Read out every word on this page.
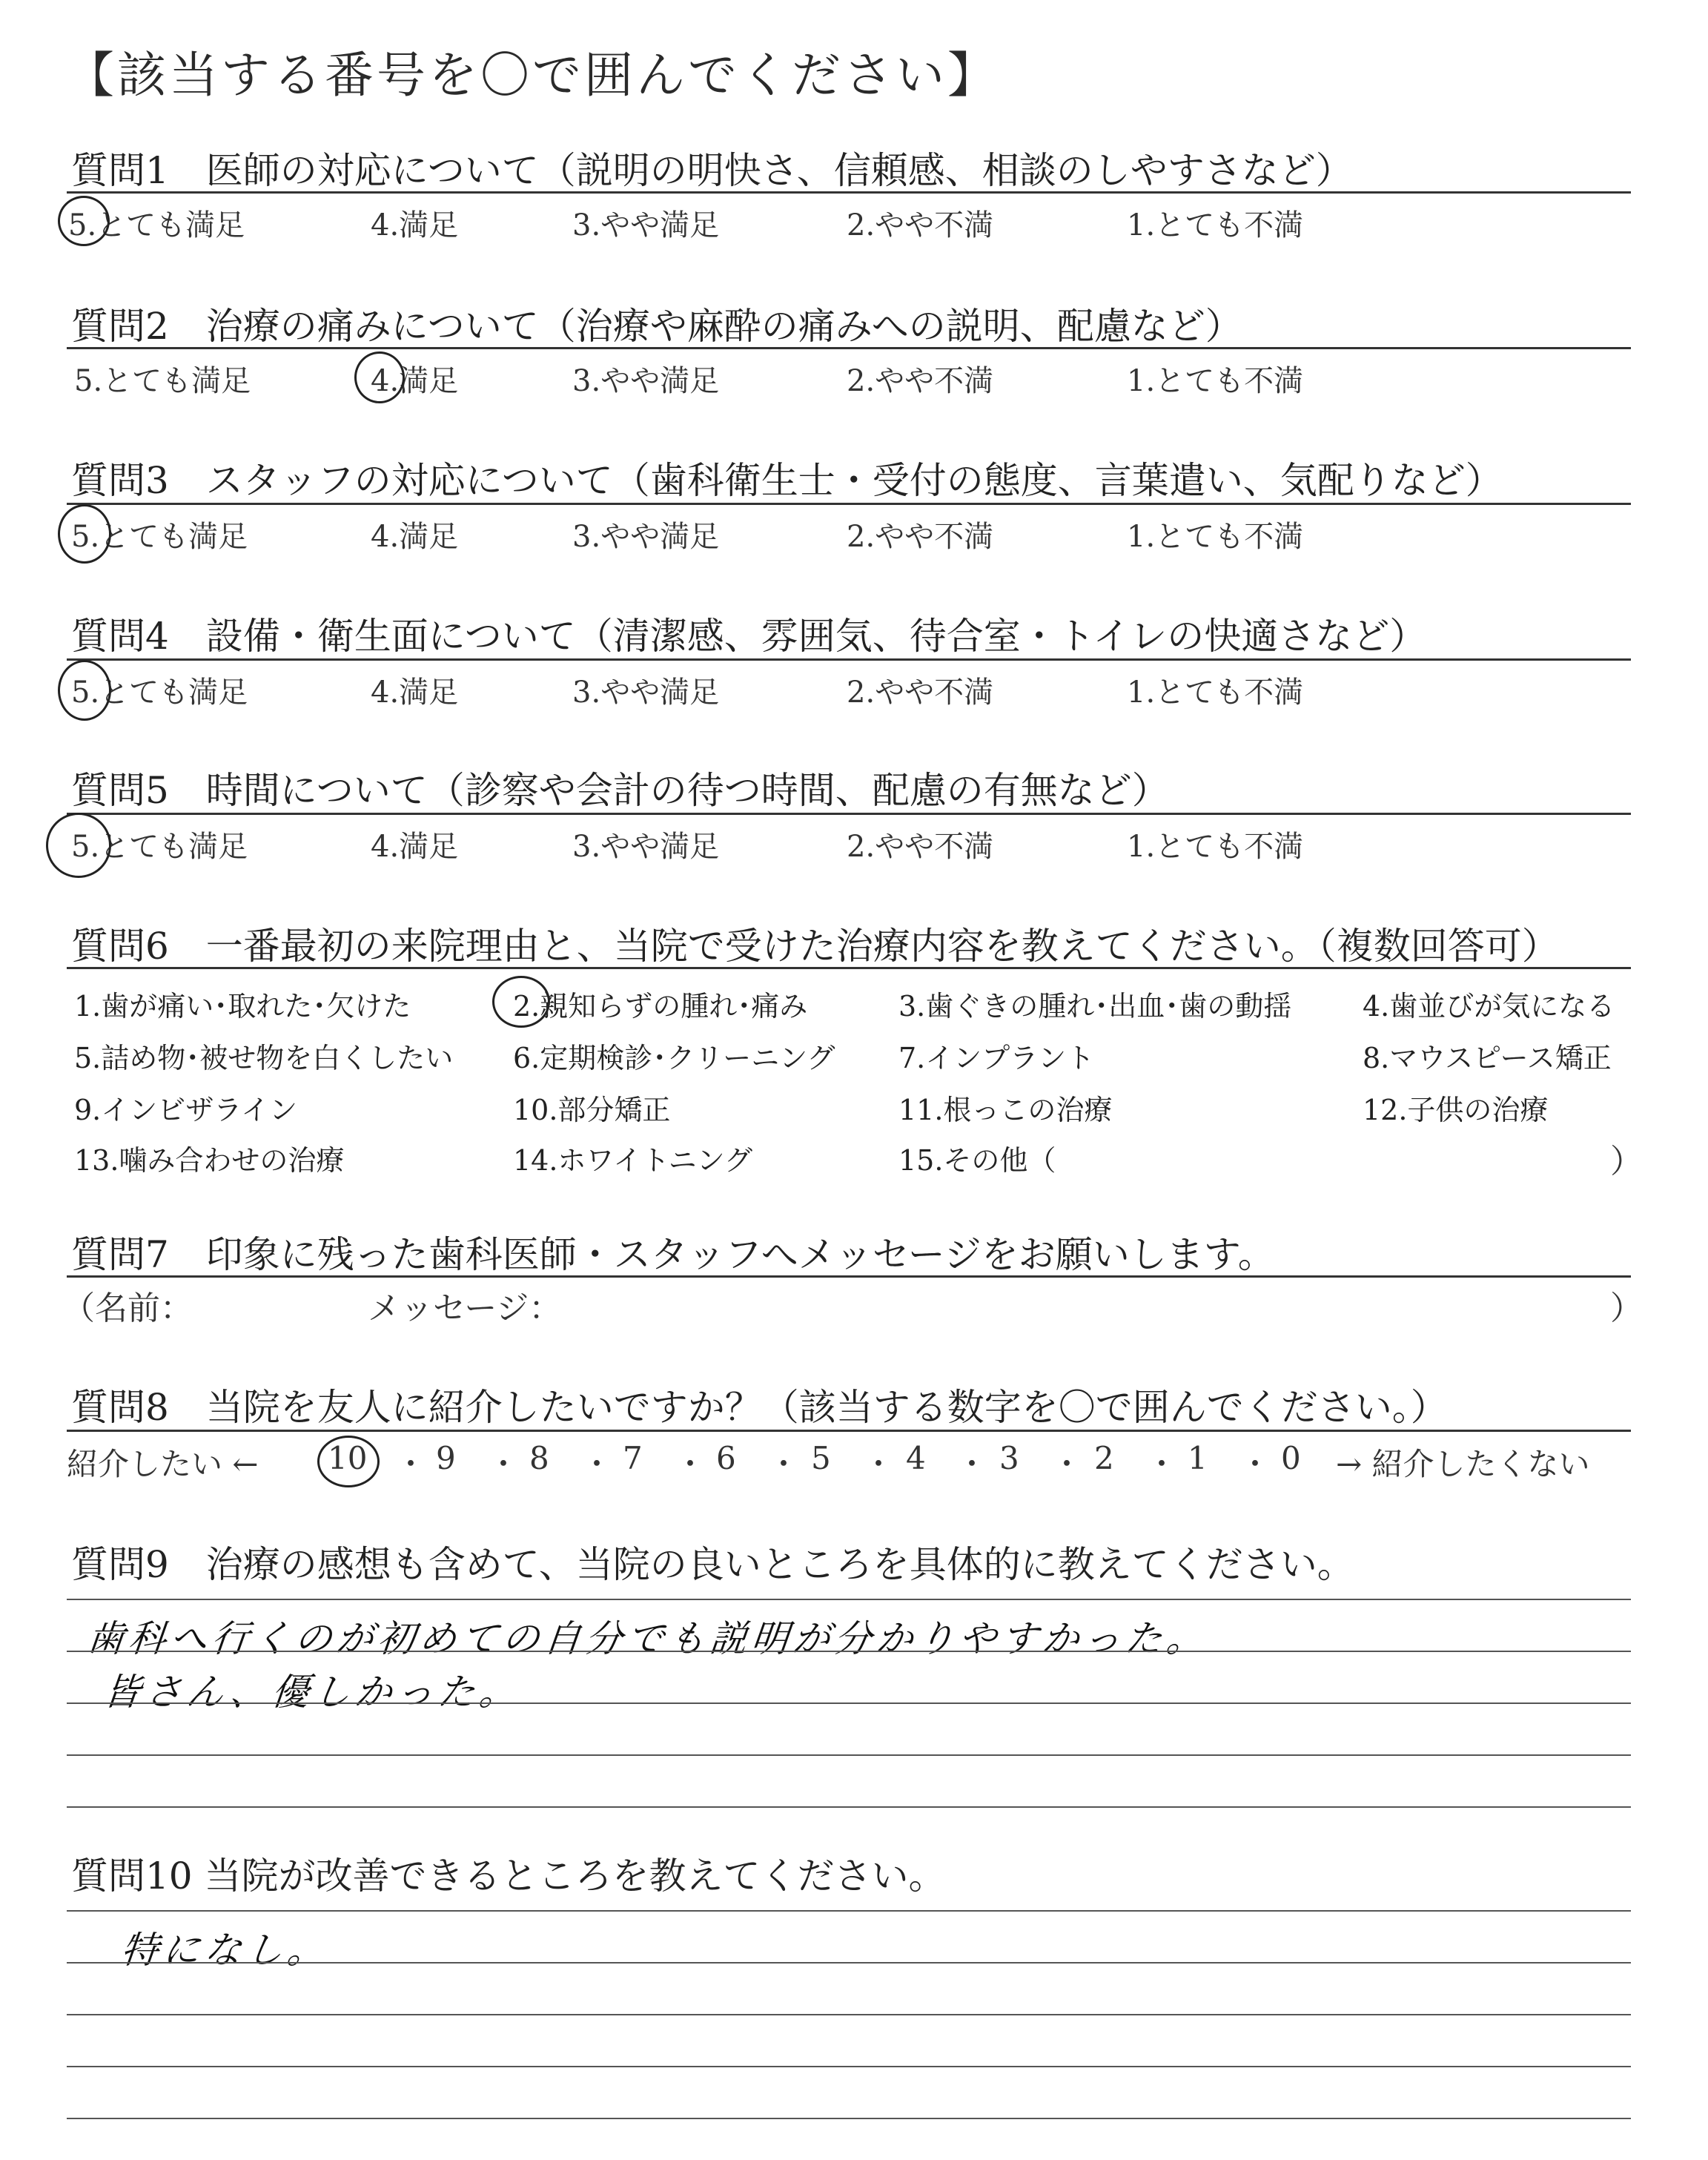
【該当する番号を〇で囲んでください】
質問1　医師の対応について（説明の明快さ、信頼感、相談のしやすさなど）
5.とても満足	4.満足	3.やや満足	2.やや不満	1.とても不満
質問2　治療の痛みについて（治療や麻酔の痛みへの説明、配慮など）
5.とても満足	4.満足	3.やや満足	2.やや不満	1.とても不満
質問3　スタッフの対応について（歯科衛生士・受付の態度、言葉遣い、気配りなど）
5.とても満足	4.満足	3.やや満足	2.やや不満	1.とても不満
質問4　設備・衛生面について（清潔感、雰囲気、待合室・トイレの快適さなど）
5.とても満足	4.満足	3.やや満足	2.やや不満	1.とても不満
質問5　時間について（診察や会計の待つ時間、配慮の有無など）
5.とても満足	4.満足	3.やや満足	2.やや不満	1.とても不満
質問6　一番最初の来院理由と、当院で受けた治療内容を教えてください。（複数回答可）
1.歯が痛い･取れた･欠けた	2.親知らずの腫れ･痛み	3.歯ぐきの腫れ･出血･歯の動揺	4.歯並びが気になる
5.詰め物･被せ物を白くしたい 6.定期検診･クリーニング 7.インプラント	8.マウスピース矯正
9.インビザライン	10.部分矯正	11.根っこの治療	12.子供の治療
13.噛み合わせの治療	14.ホワイトニング	15.その他（	）
質問7　印象に残った歯科医師・スタッフへメッセージをお願いします。
（名前：	メッセージ：	）
質問8　当院を友人に紹介したいですか？（該当する数字を〇で囲んでください。）
紹介したい ← 10 ・ 9 ・ 8 ・ 7 ・ 6 ・ 5 ・ 4 ・ 3 ・ 2 ・ 1 ・ 0 → 紹介したくない
質問9　治療の感想も含めて、当院の良いところを具体的に教えてください。
歯科へ行くのが初めての自分でも説明が分かりやすかった。
皆さん、優しかった。
質問10 当院が改善できるところを教えてください。
特になし。
